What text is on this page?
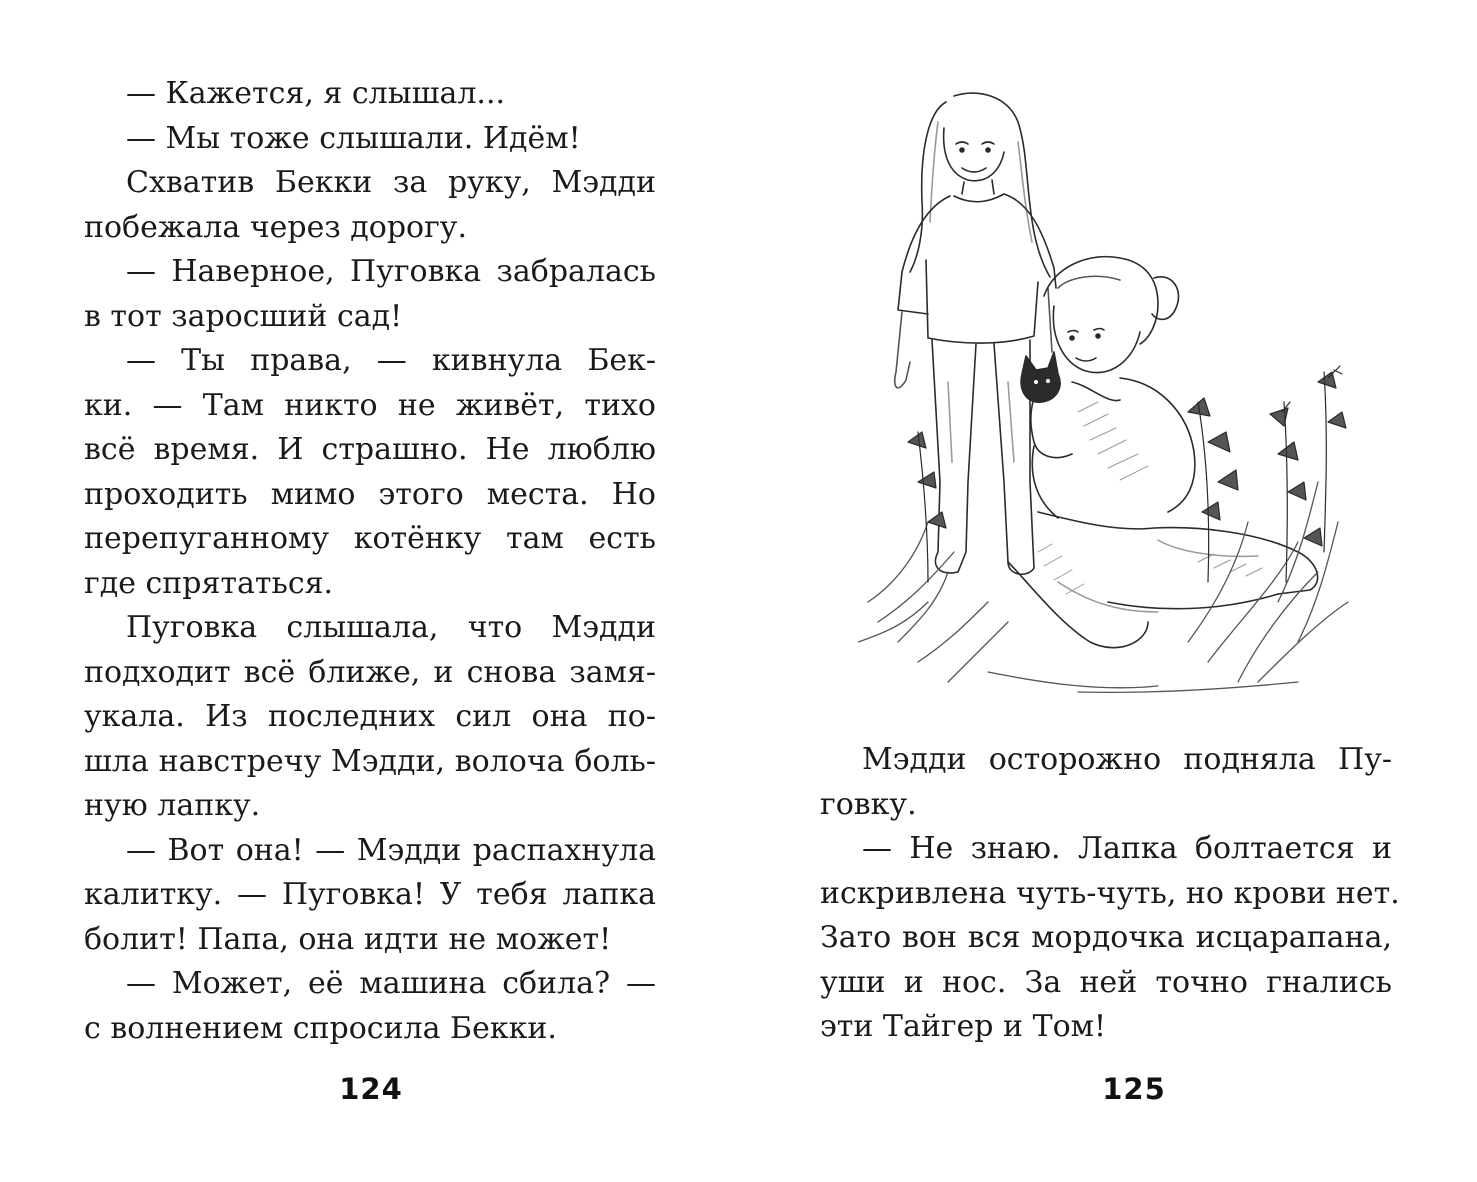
— Кажется, я слышал...
— Мы тоже слышали. Идём!
Схватив Бекки за руку, Мэдди
побежала через дорогу.
— Наверное, Пуговка забралась
в тот заросший сад!
— Ты права, — кивнула Бек-
ки. — Там никто не живёт, тихо
всё время. И страшно. Не люблю
проходить мимо этого места. Но
перепуганному котёнку там есть
где спрятаться.
Пуговка слышала, что Мэдди
подходит всё ближе, и снова замя-
укала. Из последних сил она по-
шла навстречу Мэдди, волоча боль-
ную лапку.
— Вот она! — Мэдди распахнула
калитку. — Пуговка! У тебя лапка
болит! Папа, она идти не может!
— Может, её машина сбила? —
с волнением спросила Бекки.
124
Мэдди осторожно подняла Пу-
говку.
— Не знаю. Лапка болтается и
искривлена чуть-чуть, но крови нет.
Зато вон вся мордочка исцарапана,
уши и нос. За ней точно гнались
эти Тайгер и Том!
125
